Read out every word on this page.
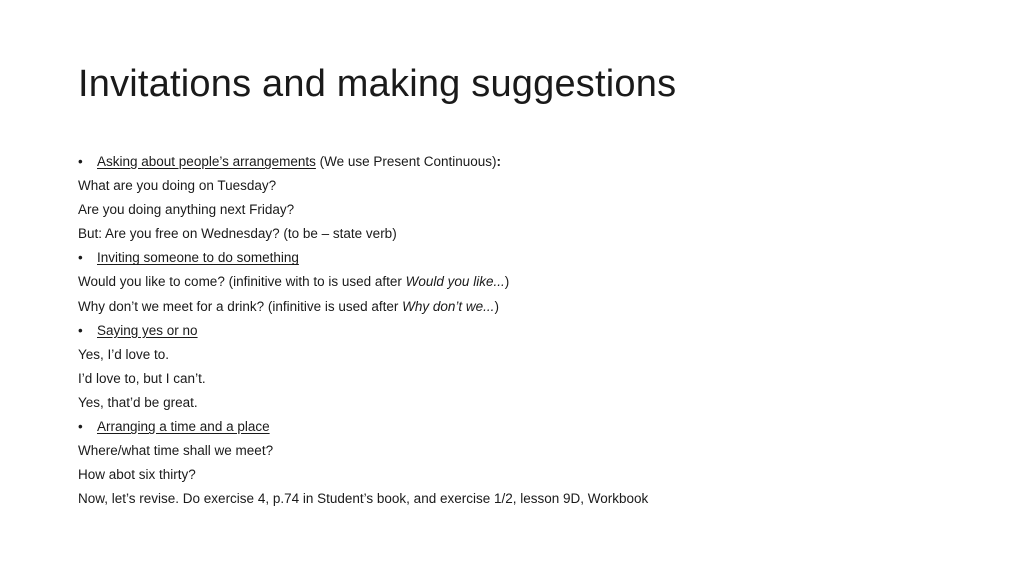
Invitations and making suggestions
•	Asking about people’s arrangements (We use Present Continuous):
What are you doing on Tuesday?
Are you doing anything next Friday?
But: Are you free on Wednesday? (to be – state verb)
•	Inviting someone to do something
Would you like to come? (infinitive with to is used after Would you like...)
Why don’t we meet for a drink? (infinitive is used after Why don’t we...)
•	Saying yes or no
Yes, I’d love to.
I’d love to, but I can’t.
Yes, that’d be great.
•	Arranging a time and a place
Where/what time shall we meet?
How abot six thirty?
Now, let’s revise. Do exercise 4, p.74 in Student’s book, and exercise 1/2, lesson 9D, Workbook
